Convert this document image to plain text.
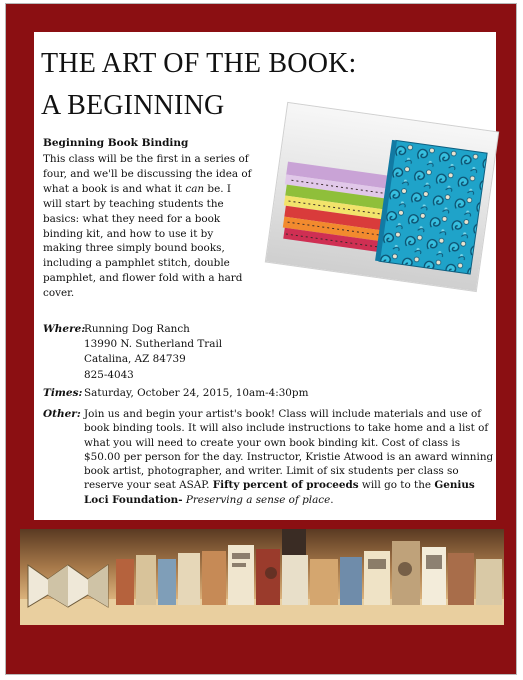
THE ART OF THE BOOK:
A BEGINNING

Beginning Book Binding

This class will be the first in a series of four, and we'll be discussing the idea of what a book is and what it can be. I will start by teaching students the basics: what they need for a book binding kit, and how to use it by making three simply bound books, including a pamphlet stitch, double pamphlet, and flower fold with a hard cover.

Where:
Running Dog Ranch
13990 N. Sutherland Trail
Catalina, AZ 84739
825-4043
Times: Saturday, October 24, 2015, 10am-4:30pm
Other: Join us and begin your artist's book! Class will include materials and use of book binding tools. It will also include instructions to take home and a list of what you will need to create your own book binding kit. Cost of class is $50.00 per person for the day. Instructor, Kristie Atwood is an award winning book artist, photographer, and writer. Limit of six students per class so reserve your seat ASAP. Fifty percent of proceeds will go to the Genius Loci Foundation- Preserving a sense of place.
